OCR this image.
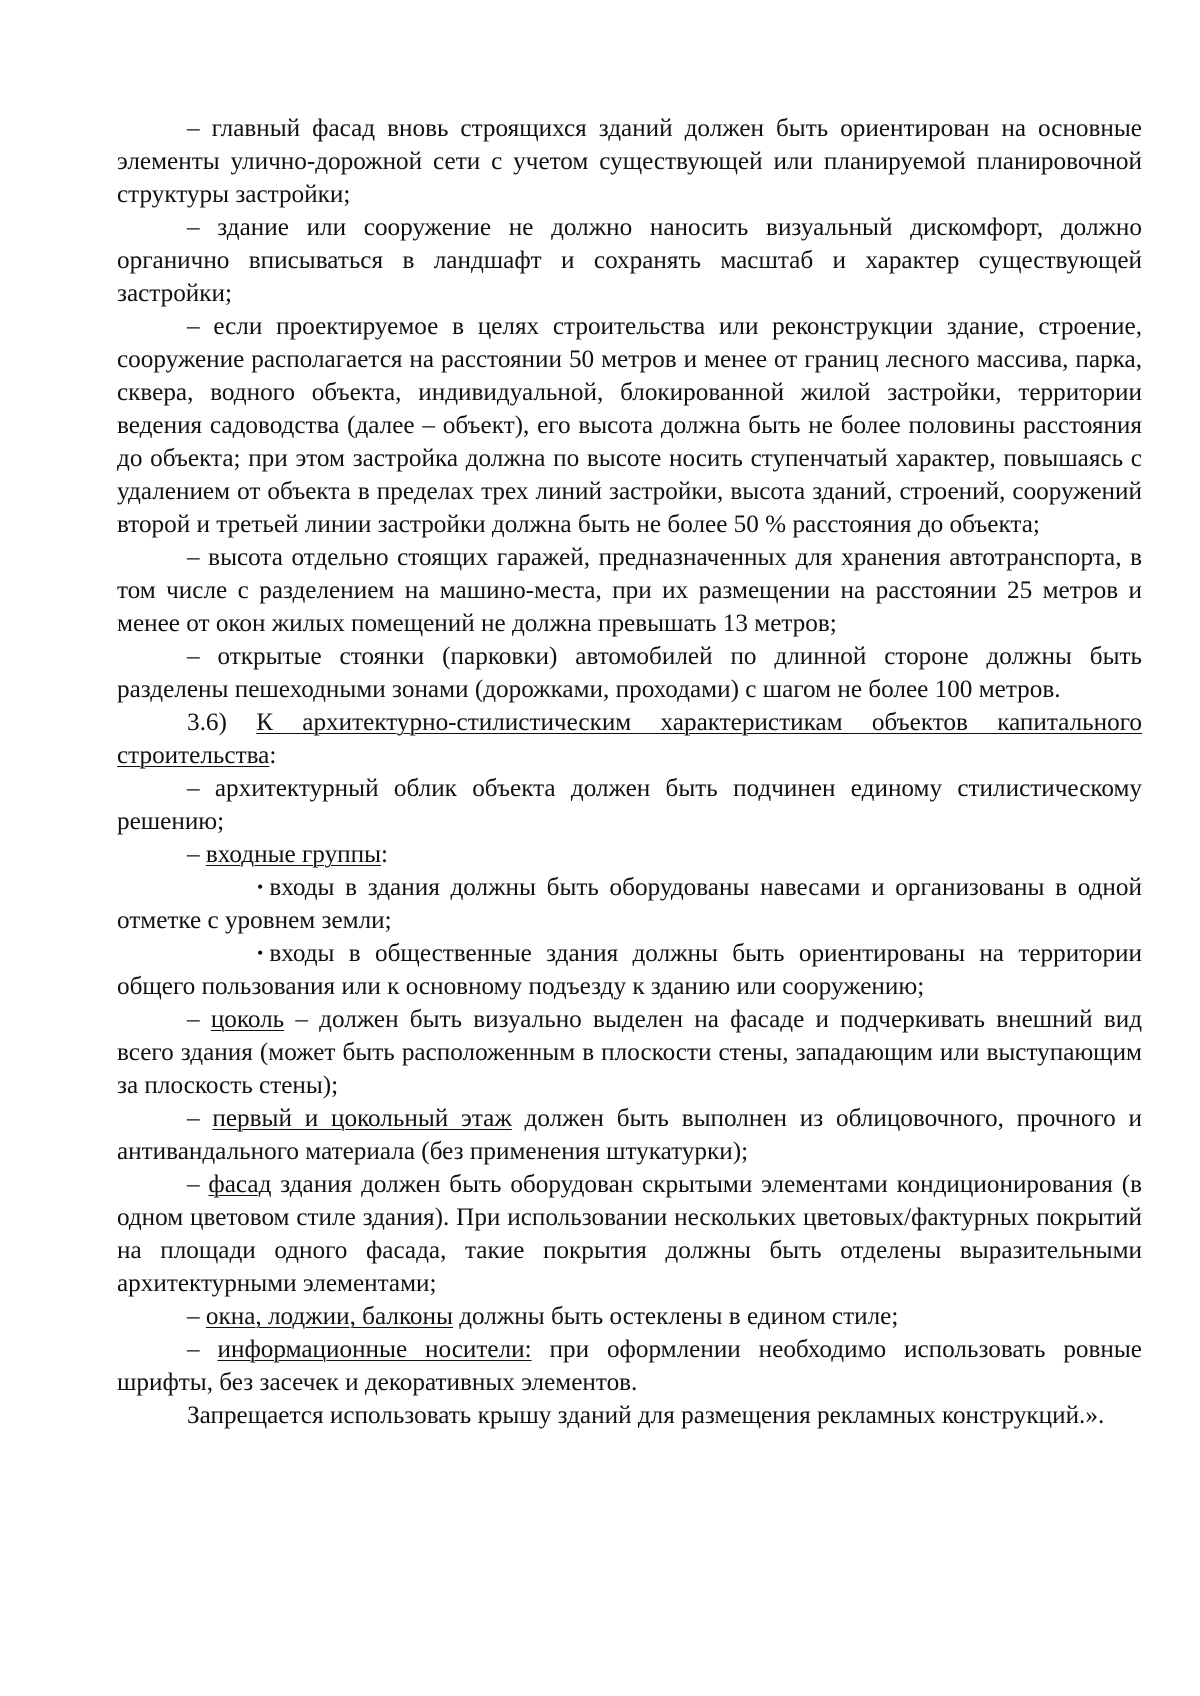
– главный фасад вновь строящихся зданий должен быть ориентирован на основные элементы улично-дорожной сети с учетом существующей или планируемой планировочной структуры застройки;

– здание или сооружение не должно наносить визуальный дискомфорт, должно органично вписываться в ландшафт и сохранять масштаб и характер существующей застройки;

– если проектируемое в целях строительства или реконструкции здание, строение, сооружение располагается на расстоянии 50 метров и менее от границ лесного массива, парка, сквера, водного объекта, индивидуальной, блокированной жилой застройки, территории ведения садоводства (далее – объект), его высота должна быть не более половины расстояния до объекта; при этом застройка должна по высоте носить ступенчатый характер, повышаясь с удалением от объекта в пределах трех линий застройки, высота зданий, строений, сооружений второй и третьей линии застройки должна быть не более 50 % расстояния до объекта;

– высота отдельно стоящих гаражей, предназначенных для хранения автотранспорта, в том числе с разделением на машино-места, при их размещении на расстоянии 25 метров и менее от окон жилых помещений не должна превышать 13 метров;

– открытые стоянки (парковки) автомобилей по длинной стороне должны быть разделены пешеходными зонами (дорожками, проходами) с шагом не более 100 метров.

3.6) К архитектурно-стилистическим характеристикам объектов капитального строительства:

– архитектурный облик объекта должен быть подчинен единому стилистическому решению;

– входные группы:

• входы в здания должны быть оборудованы навесами и организованы в одной отметке с уровнем земли;

• входы в общественные здания должны быть ориентированы на территории общего пользования или к основному подъезду к зданию или сооружению;

– цоколь – должен быть визуально выделен на фасаде и подчеркивать внешний вид всего здания (может быть расположенным в плоскости стены, западающим или выступающим за плоскость стены);

– первый и цокольный этаж должен быть выполнен из облицовочного, прочного и антивандального материала (без применения штукатурки);

– фасад здания должен быть оборудован скрытыми элементами кондиционирования (в одном цветовом стиле здания). При использовании нескольких цветовых/фактурных покрытий на площади одного фасада, такие покрытия должны быть отделены выразительными архитектурными элементами;

– окна, лоджии, балконы должны быть остеклены в едином стиле;

– информационные носители: при оформлении необходимо использовать ровные шрифты, без засечек и декоративных элементов.

Запрещается использовать крышу зданий для размещения рекламных конструкций.».
